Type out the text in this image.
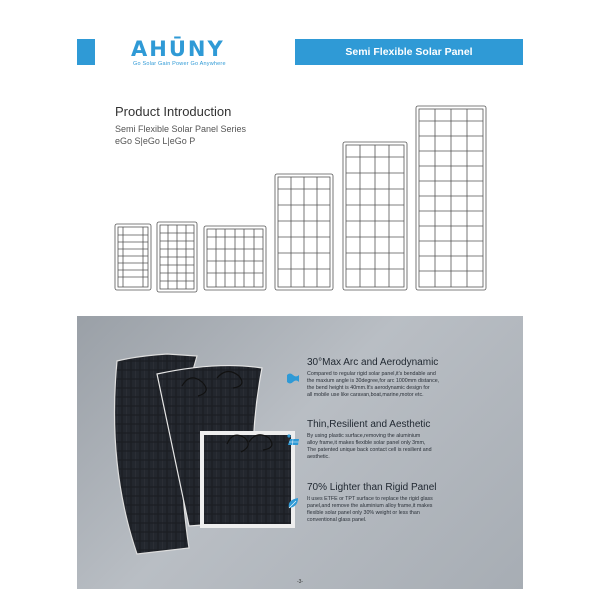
AHŪNY
Go Solar Gain Power Go Anywhere
Semi Flexible Solar Panel
Product Introduction
Semi Flexible Solar Panel Series
eGo S|eGo L|eGo P
30°Max Arc and Aerodynamic
Compared to regular rigid solar panel,it's bendable and
the maxium angle is 30degree,for arc 1000mm distance,
the bend height is 40mm.It's aerodynamic design for
all mobile use like caravan,boat,marine,motor etc.
Thin,Resilient and Aesthetic
By using plastic surface,removing the aluminium
alloy frame,it makes flexible solar panel only 3mm,
The patented unique back contact cell is resilient and
aesthetic.
70% Lighter than Rigid Panel
It uses ETFE or TPT surface to replace the rigid glass
panel,and remove the aluminium alloy frame,it makes
flexible solar panel only 30% weight or less than
conventional glass panel.
-3-
